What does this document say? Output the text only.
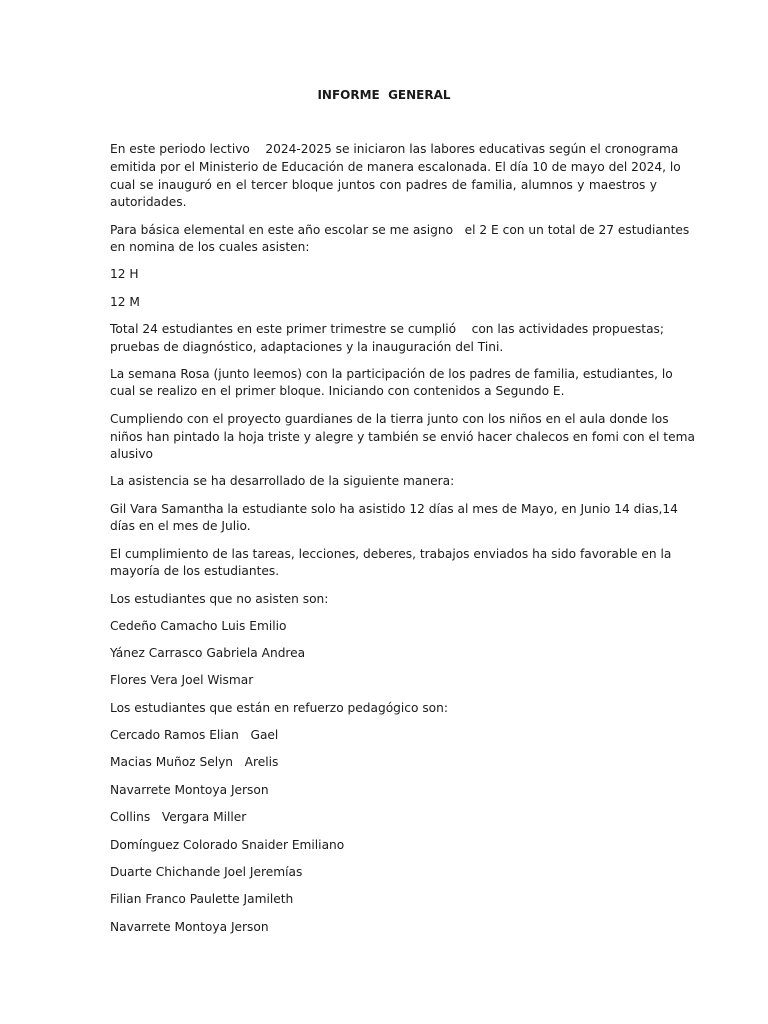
INFORME  GENERAL
En este periodo lectivo    2024-2025 se iniciaron las labores educativas según el cronograma
emitida por el Ministerio de Educación de manera escalonada. El día 10 de mayo del 2024, lo
cual se inauguró en el tercer bloque juntos con padres de familia, alumnos y maestros y
autoridades.
Para básica elemental en este año escolar se me asigno   el 2 E con un total de 27 estudiantes
en nomina de los cuales asisten:
12 H
12 M
Total 24 estudiantes en este primer trimestre se cumplió    con las actividades propuestas;
pruebas de diagnóstico, adaptaciones y la inauguración del Tini.
La semana Rosa (junto leemos) con la participación de los padres de familia, estudiantes, lo
cual se realizo en el primer bloque. Iniciando con contenidos a Segundo E.
Cumpliendo con el proyecto guardianes de la tierra junto con los niños en el aula donde los
niños han pintado la hoja triste y alegre y también se envió hacer chalecos en fomi con el tema
alusivo
La asistencia se ha desarrollado de la siguiente manera:
Gil Vara Samantha la estudiante solo ha asistido 12 días al mes de Mayo, en Junio 14 dias,14
días en el mes de Julio.
El cumplimiento de las tareas, lecciones, deberes, trabajos enviados ha sido favorable en la
mayoría de los estudiantes.
Los estudiantes que no asisten son:
Cedeño Camacho Luis Emilio
Yánez Carrasco Gabriela Andrea
Flores Vera Joel Wismar
Los estudiantes que están en refuerzo pedagógico son:
Cercado Ramos Elian   Gael
Macias Muñoz Selyn   Arelis
Navarrete Montoya Jerson
Collins   Vergara Miller
Domínguez Colorado Snaider Emiliano
Duarte Chichande Joel Jeremías
Filian Franco Paulette Jamileth
Navarrete Montoya Jerson
